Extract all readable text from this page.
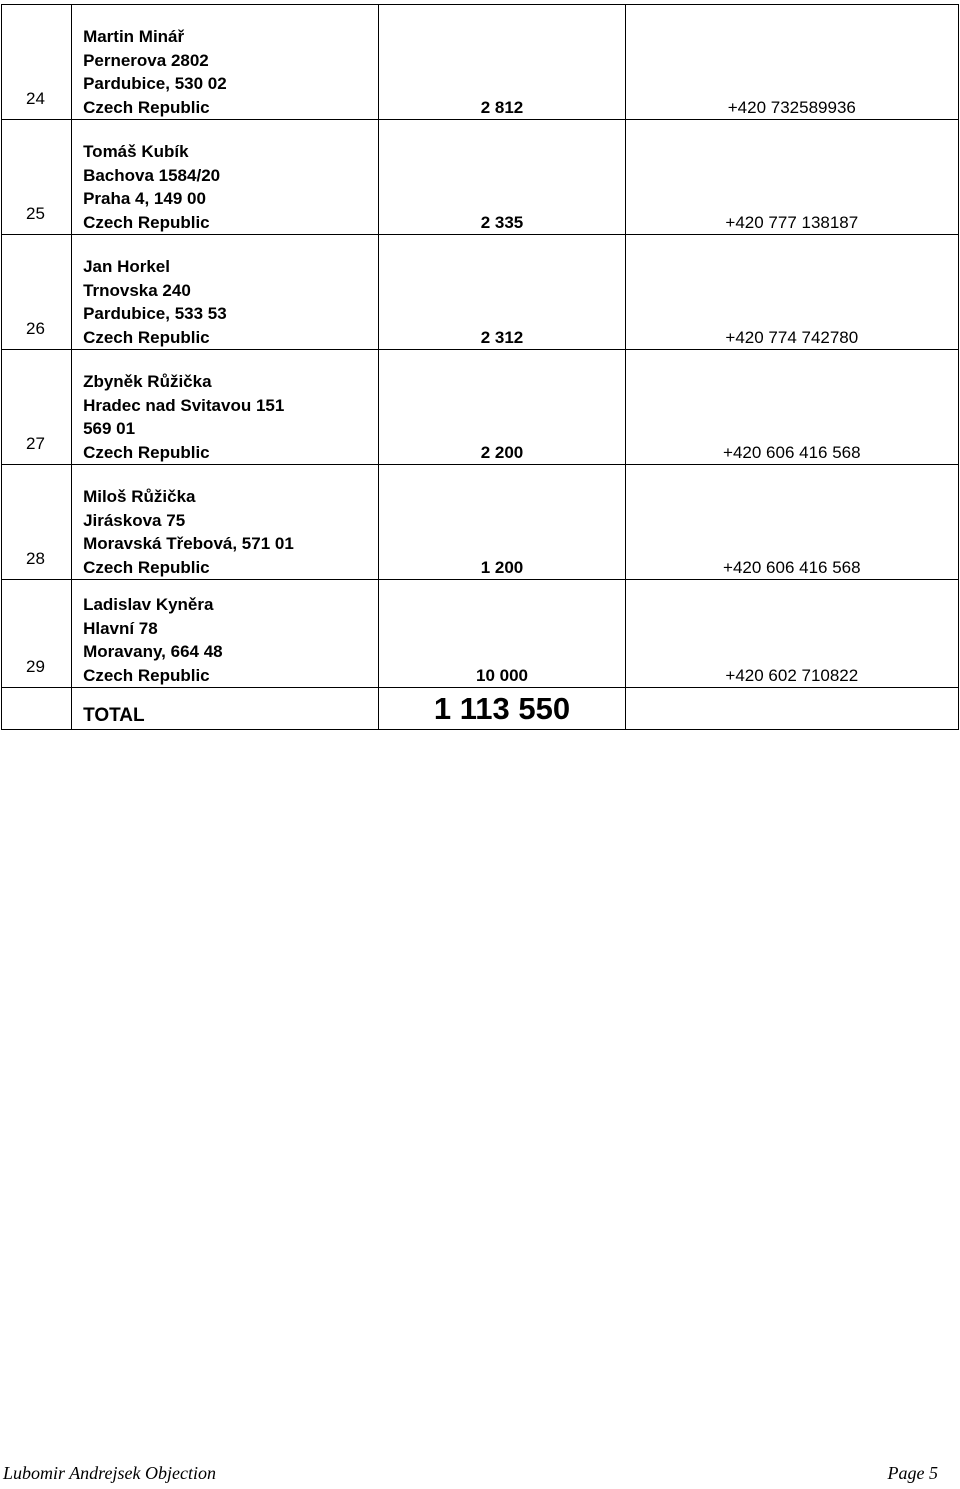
24	Martin Minář
Pernerova 2802
Pardubice, 530 02
Czech Republic	2 812	+420 732589936
25	Tomáš Kubík
Bachova 1584/20
Praha 4, 149 00
Czech Republic	2 335	+420 777 138187
26	Jan Horkel
Trnovska 240
Pardubice, 533 53
Czech Republic	2 312	+420 774 742780
27	Zbyněk Růžička
Hradec nad Svitavou 151
569 01
Czech Republic	2 200	+420 606 416 568
28	Miloš Růžička
Jiráskova 75
Moravská Třebová, 571 01
Czech Republic	1 200	+420 606 416 568
29	Ladislav Kyněra
Hlavní 78
Moravany, 664 48
Czech Republic	10 000	+420 602 710822
	TOTAL	1 113 550	
Lubomir Andrejsek Objection	Page 5
